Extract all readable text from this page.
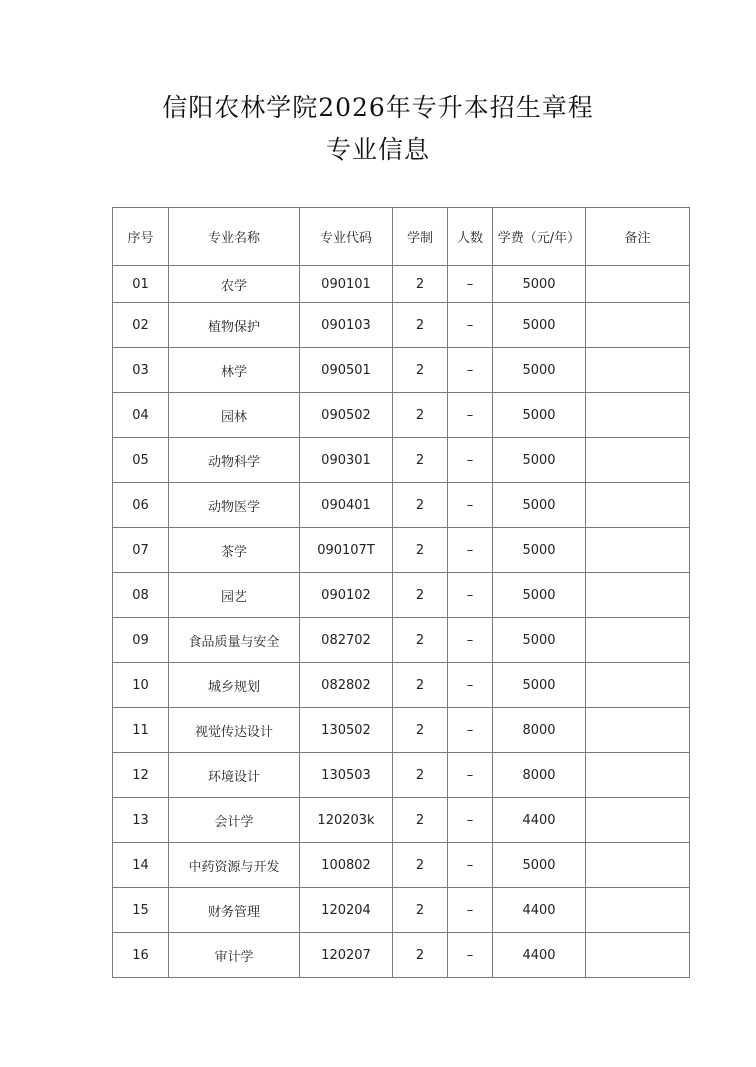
信阳农林学院2026年专升本招生章程
专业信息
序号	专业名称	专业代码	学制	人数	学费（元/年）	备注
01	农学	090101	2	–	5000	
02	植物保护	090103	2	–	5000	
03	林学	090501	2	–	5000	
04	园林	090502	2	–	5000	
05	动物科学	090301	2	–	5000	
06	动物医学	090401	2	–	5000	
07	茶学	090107T	2	–	5000	
08	园艺	090102	2	–	5000	
09	食品质量与安全	082702	2	–	5000	
10	城乡规划	082802	2	–	5000	
11	视觉传达设计	130502	2	–	8000	
12	环境设计	130503	2	–	8000	
13	会计学	120203k	2	–	4400	
14	中药资源与开发	100802	2	–	5000	
15	财务管理	120204	2	–	4400	
16	审计学	120207	2	–	4400	
